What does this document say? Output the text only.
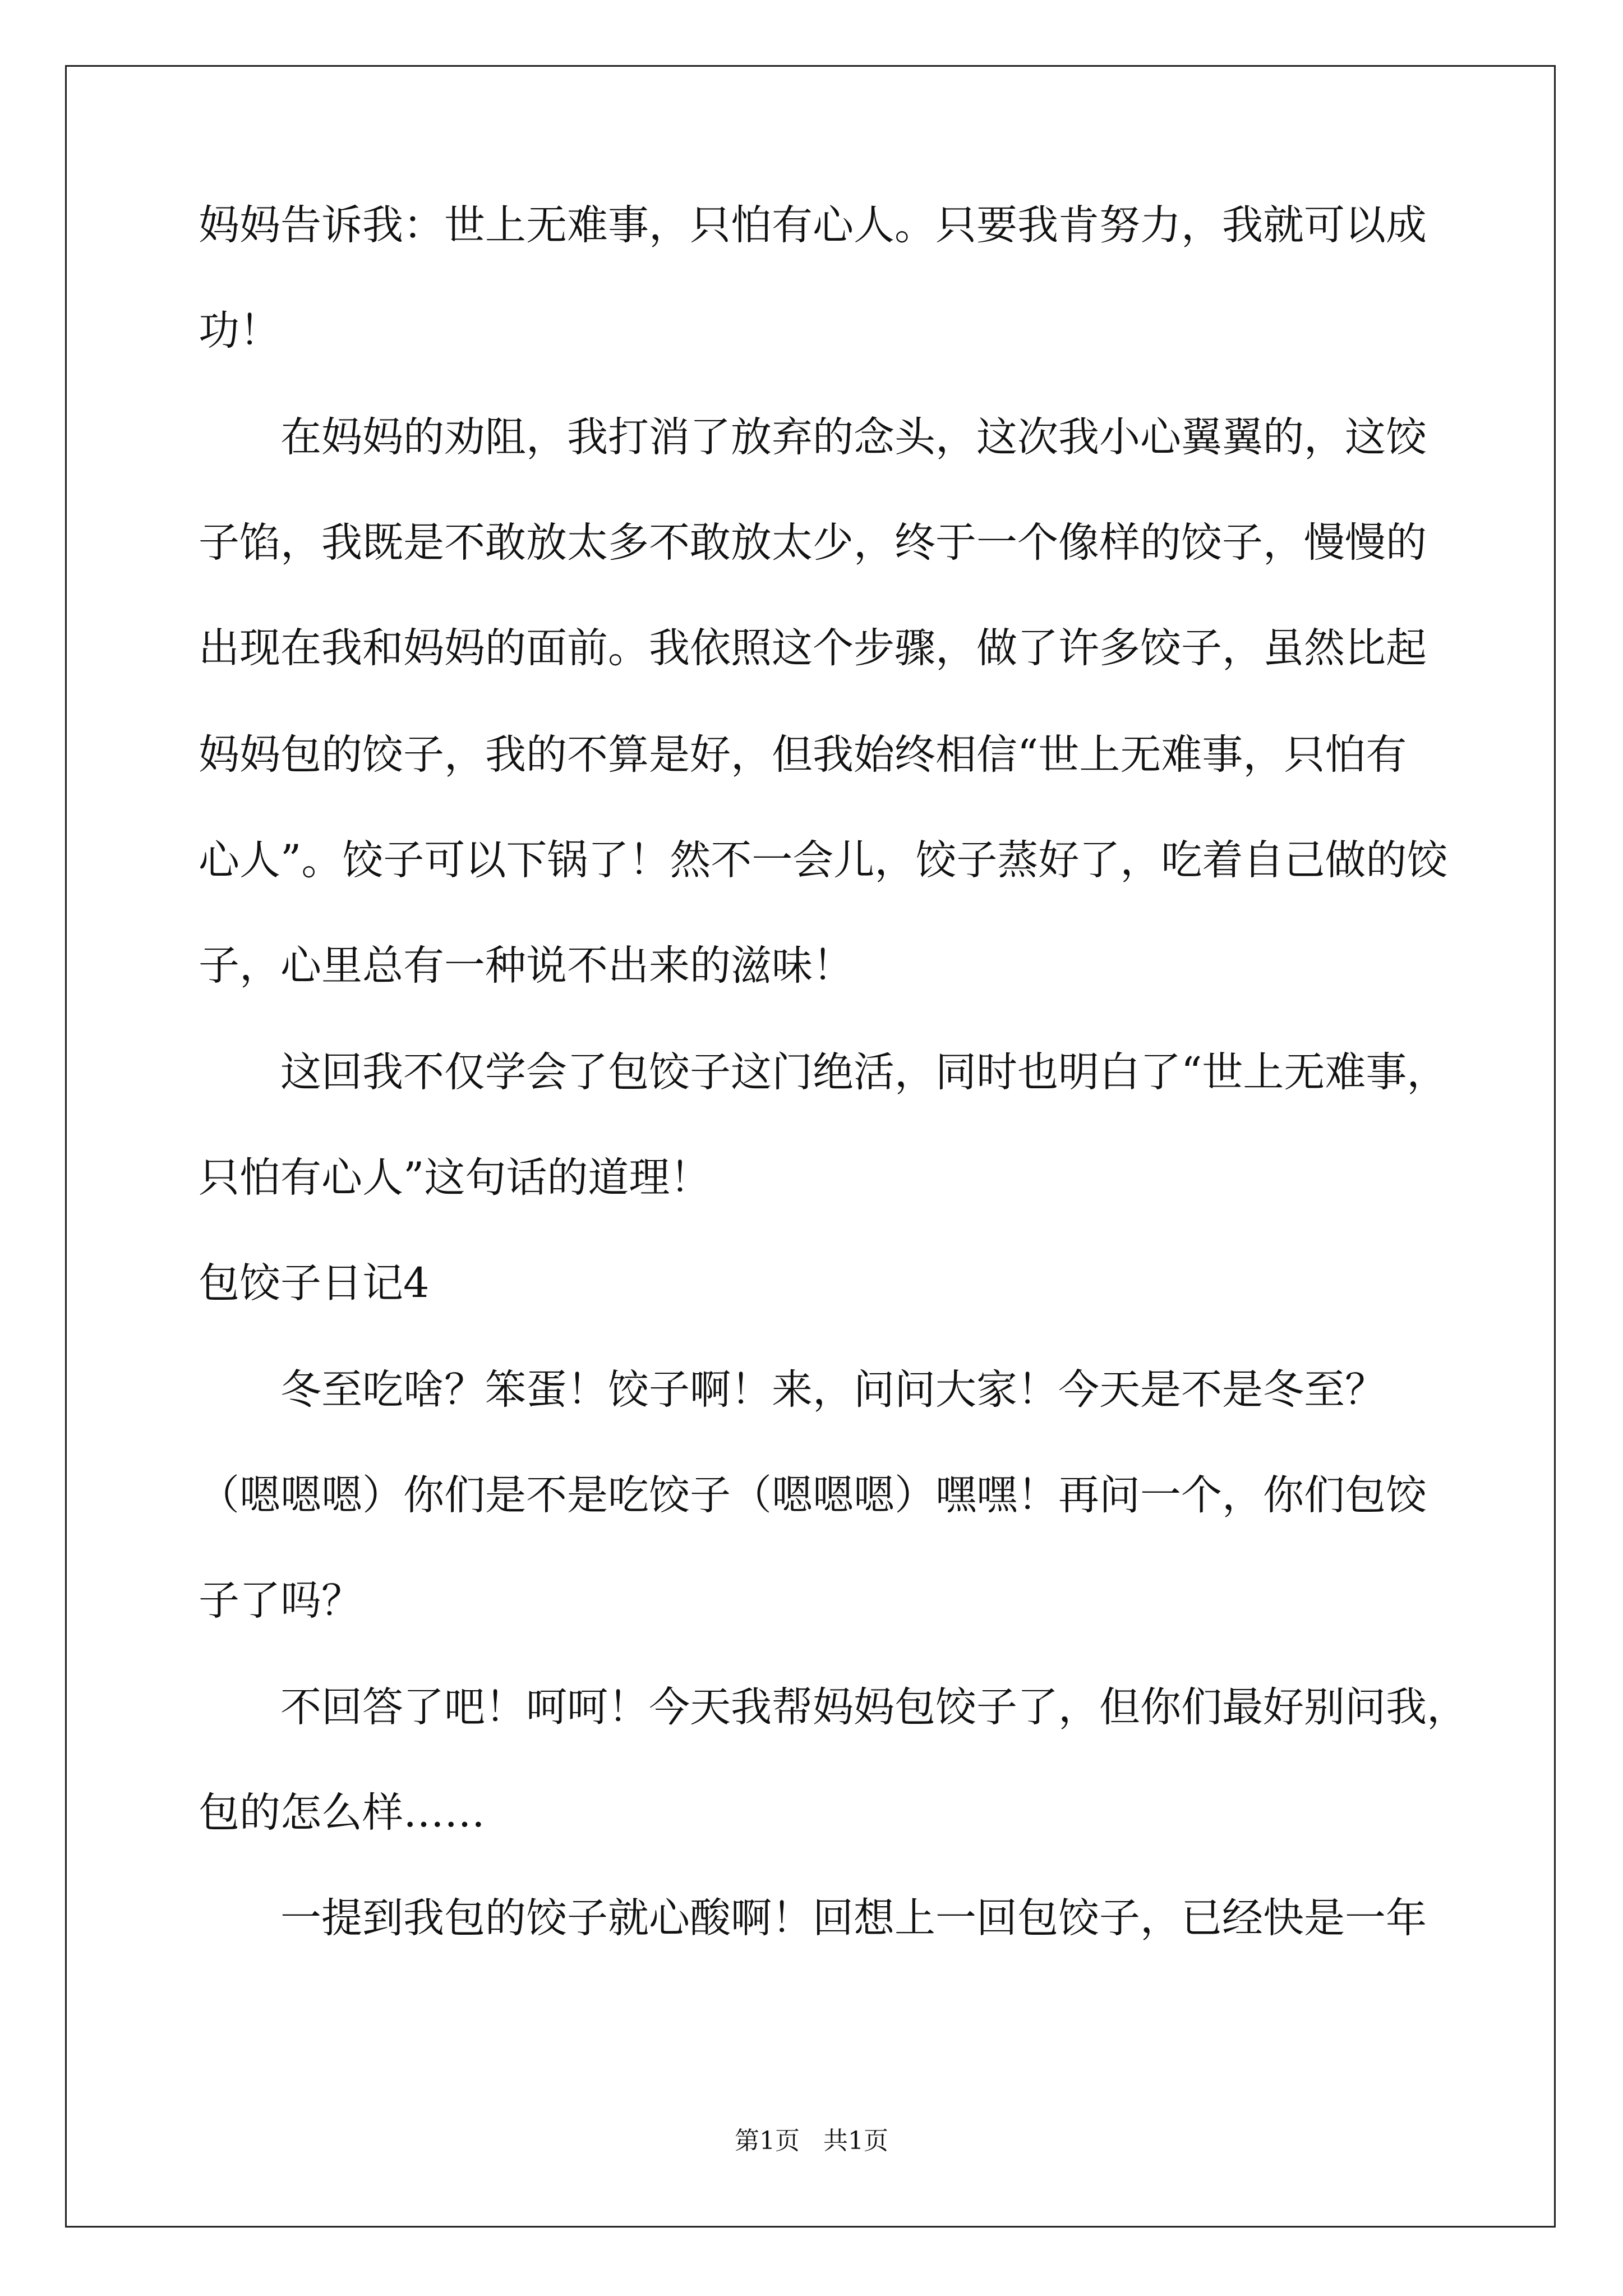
妈妈告诉我：世上无难事，只怕有心人。只要我肯努力，我就可以成
功！
在妈妈的劝阻，我打消了放弃的念头，这次我小心翼翼的，这饺
子馅，我既是不敢放太多不敢放太少，终于一个像样的饺子，慢慢的
出现在我和妈妈的面前。我依照这个步骤，做了许多饺子，虽然比起
妈妈包的饺子，我的不算是好，但我始终相信“世上无难事，只怕有
心人”。饺子可以下锅了！然不一会儿，饺子蒸好了，吃着自己做的饺
子，心里总有一种说不出来的滋味！
这回我不仅学会了包饺子这门绝活，同时也明白了“世上无难事，
只怕有心人”这句话的道理！
包饺子日记4
冬至吃啥？笨蛋！饺子啊！来，问问大家！今天是不是冬至？
（嗯嗯嗯）你们是不是吃饺子（嗯嗯嗯）嘿嘿！再问一个，你们包饺
子了吗？
不回答了吧！呵呵！今天我帮妈妈包饺子了，但你们最好别问我，
包的怎么样……
一提到我包的饺子就心酸啊！回想上一回包饺子，已经快是一年
第1页   共1页
